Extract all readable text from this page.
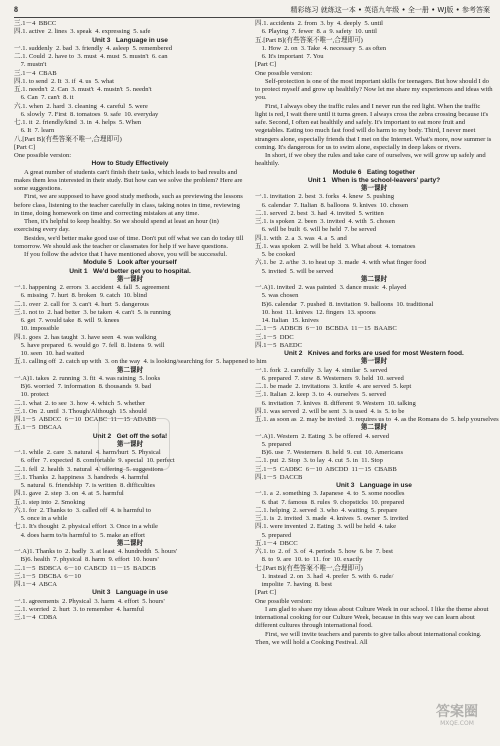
8	精彩练习 就练这一本 • 英语九年级 • 全一册 • WJ版 • 参考答案
三.1－4  BBCC
四.1. active  2. lines  3. speak  4. expressing  5. safe
Unit 3   Language in use
一.1. suddenly  2. bad  3. friendly  4. asleep  5. remembered
二.1. Could  2. have to  3. must  4. must  5. mustn't  6. can
7. mustn't
三.1－4  CBAB
四.1. to send  2. It  3. if  4. us  5. what
五.1. needn't  2. Can  3. must't  4. mustn't  5. needn't
6. Can  7. can't  8. it
六.1. when  2. hard  3. cleaning  4. careful  5. were
6. slowly  7. First  8. tomatoes  9. safe  10. everyday
七.1. it  2. friendly/kind  3. in  4. helps  5. When
6. It  7. learn
八.[Part B](有些答案不唯一,合理即可)
[Part C]
One possible version:
How to Study Effectively
A great number of students can't finish their tasks, which leads to bad results and makes them less interested in their study. But how can we solve the problem? Here are some suggestions.
First, we are supposed to have good study methods, such as previewing the lessons before class, listening to the teacher carefully in class, taking notes in time, reviewing in time, doing homework on time and correcting mistakes at any time.
Then, it's helpful to keep healthy. So we should spend at least an hour (in) exercising every day.
Besides, we'd better make good use of time. Don't put off what we can do today till tomorrow. We should ask the teacher or classmates for help if we have questions.
If you follow the advice that I have mentioned above, you will be successful.
Module 5   Look after yourself
Unit 1   We'd better get you to hospital.
第一课时
一.1. happening  2. errors  3. accident  4. fall  5. agreement
6. missing  7. hurt  8. broken  9. catch  10. blind
二.1. over  2. call for  3. can't  4. hurt  5. dangerous
三.1. not to  2. had better  3. be taken  4. can't  5. is running
6. get  7. would take  8. will  9. knees
10. impossible
四.1. goes  2. has taught  3. have seen  4. was walking
5. have prepared  6. would go  7. fell  8. listens  9. will
10. seen  10. had waited
五.1. calling off  2. catch up with  3. on the way  4. is looking/searching for  5. happened to him
第二课时
一.A)1. takes  2. running  3. fit  4. was raining  5. looks
B)6. worried  7. information  8. thousands  9. bad
10. protect
二.1. what  2. to see  3. how  4. which  5. whether
三.1. On  2. until  3. Though/Although  15. should
四.1－5  ABDCC  6－10  DCABC  11－15  ADABB
五.1－5  DBCAA
Unit 2   Get off the sofa!
第一课时
一.1. while  2. care  3. natural  4. harm/hurt  5. Physical
6. offer  7. expected  8. comfortable  9. special  10. perfect
二.1. fell  2. health  3. natural  4. offering  5. suggestions
三.1. Thanks  2. happiness  3. handreds  4. harmful
5. natural  6. friendship  7. is written  8. difficulties
四.1. gave  2. step  3. on  4. at  5. harmful
五.1. step into  2. Smoking
六.1. for  2. Thanks to  3. called off  4. is harmful to
5. once in a while
七.1. It's thought  2. physical effort  3. Once in a while
4. does harm to/is harmful to  5. make an effort
第二课时
一.A)1. Thanks to  2. badly  3. at least  4. hundredth  5. hours'
B)6. health  7. physical  8. harm  9. effort  10. hours'
二.1－5  BDBCA  6－10  CABCD  11－15  BADCB
三.1－5  DBCBA  6－10
四.1－4  ABCA
Unit 3   Language in use
一.1. agreements  2. Physical  3. harm  4. effort  5. hours'
二.1. worried  2. hurt  3. to remember  4. harmful
三.1－4  CDBA
四.1. accidents  2. from  3. by  4. deeply  5. until
6. Playing  7. fewer  8. a  9. safety  10. until
五.[Part B](有些答案不唯一,合理即可)
1. How  2. on  3. Take  4. necessary  5. as often
6. It's important  7. You
[Part C]
One possible version:
Self-protection is one of the most important skills for teenagers. But how should I do to protect myself and grow up healthily? Now let me share my experiences and ideas with you.
First, I always obey the traffic rules and I never run the red light. When the traffic light is red, I wait there until it turns green. I always cross the zebra crossing because it's safe. Second, I often eat healthily and safely. It's important to eat more fruit and vegetables. Eating too much fast food will do harm to my body. Third, I never meet strangers alone, especially friends that I met on the Internet. What's more, now summer is coming. It's dangerous for us to swim alone, especially in deep lakes or rivers.
In short, if we obey the rules and take care of ourselves, we will grow up safely and healthily.
Module 6   Eating together
Unit 1   When is the school-leavers' party?
第一课时
一.1. invitation  2. best  3. forks  4. knew  5. pushing
6. calendar  7. Italian  8. balloons  9. knives  10. chosen
二.1. served  2. best  3. had  4. invited  5. written
三.1. is spoken  2. been  3. invited  4. with  5. chosen
6. will be built  6. will be held  7. be served
四.1. with  2. a  3. was  4. a  5. and
五.1. was spoken  2. will be held  3. What about  4. tomatoes
5. be cooked
六.1. be  2. a/the  3. to heat up  3. made  4. with what finger food
5. invited  5. will be served
第二课时
一.A)1. invited  2. was painted  3. dance music  4. played
5. was chosen
B)6. calendar  7. pushed  8. invitation  9. balloons  10. traditional
10. host  11. knives  12. fingers  13. spoons
14. Italian  15. knives
二.1－5  ADBCB  6－10  BCBDA  11－15  BAABC
三.1－5  DDC
四.1－5  BAEDC
Unit 2   Knives and forks are used for most Western food.
第一课时
一.1. fork  2. carefully  3. lay  4. similar  5. served
6. prepared  7. stew  8. Westerners  9. held  10. served
二.1. be made  2. invitations  3. knife  4. are served  5. kept
三.1. Italian  2. keep  3. to  4. ourselves  5. served
6. invitation  7. knives  8. different  9. Western  10. talking
四.1. was served  2. will be sent  3. is used  4. is  5. to be
五.1. as soon as  2. may be invited  3. requires us to  4. as the Romans do  5. help yourselves
第二课时
一.A)1. Western  2. Eating  3. be offered  4. served
5. prepared
B)6. use  7. Westerners  8. held  9. cut  10. Americans
二.1. put  2. Stop  3. to lay  4. cut  5. in  11. Stop
三.1－5  CADBC  6－10  ABCDD  11－15  CBABB
四.1－5  DACCB
Unit 3   Language in use
一.1. a  2. something  3. Japanese  4. to  5. some noodles
6. that  7. famous  8. rules  9. chopsticks  10. prepared
二.1. helping  2. served  3. who  4. waiting  5. prepare
三.1. is  2. invited  3. made  4. knives  5. owner  5. invited
四.1. were invented  2. Eating  3. will be held  4. take
5. prepared
五.1－4  DBCC
六.1. to  2. of  3. of  4. periods  5. how  6. be  7. best
8. to  9. are  10. to  11. for  10. exactly
七.[Part B](有些答案不唯一,合理即可)
1. instead  2. on  3. had  4. prefer  5. with  6. rude/
impolite  7. having  8. best
[Part C]
One possible version:
I am glad to share my ideas about Culture Week in our school. I like the theme about international cooking for our Culture Week, because in this way we can learn about different cultures through international food.
First, we will invite teachers and parents to give talks about international cooking. Then, we will hold a Cooking Festival. All
答案圈
MXQE.COM
